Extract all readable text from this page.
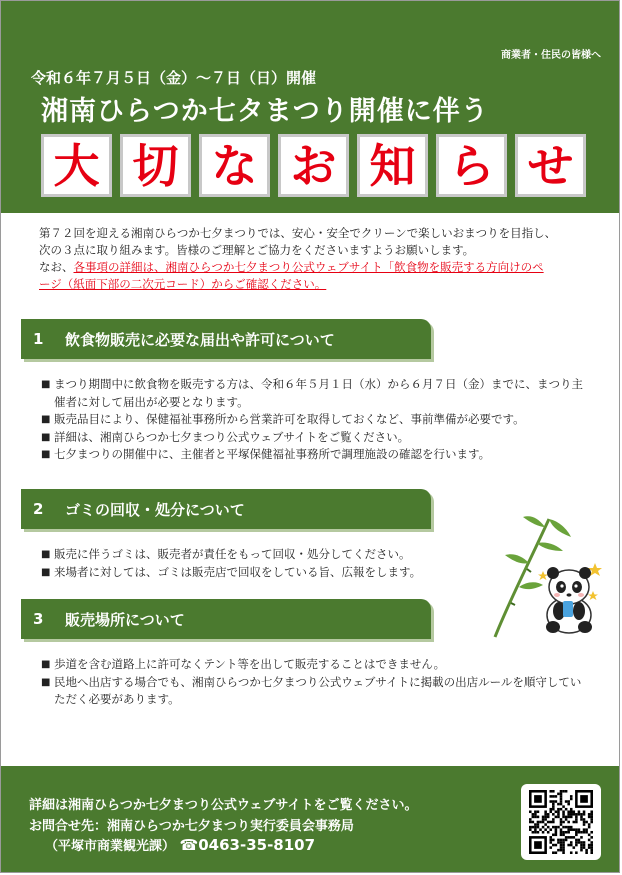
商業者・住民の皆様へ
令和６年７月５日（金）～７日（日）開催
湘南ひらつか七タまつり開催に伴う
大 切 な お 知 ら せ
第７２回を迎える湘南ひらつか七夕まつりでは、安心・安全でクリーンで楽しいおまつりを目指し、
次の３点に取り組みます。皆様のご理解とご協力をくださいますようお願いします。
なお、各事項の詳細は、湘南ひらつか七夕まつり公式ウェブサイト「飲食物を販売する方向けのペ
ージ（紙面下部の二次元コード）からご確認ください。
1	飲食物販売に必要な届出や許可について
■ まつり期間中に飲食物を販売する方は、令和６年５月１日（水）から６月７日（金）までに、まつり主催者に対して届出が必要となります。
■ 販売品目により、保健福祉事務所から営業許可を取得しておくなど、事前準備が必要です。
■ 詳細は、湘南ひらつか七夕まつり公式ウェブサイトをご覧ください。
■ 七夕まつりの開催中に、主催者と平塚保健福祉事務所で調理施設の確認を行います。
2	ゴミの回収・処分について
■ 販売に伴うゴミは、販売者が責任をもって回収・処分してください。
■ 来場者に対しては、ゴミは販売店で回収をしている旨、広報をします。
3	販売場所について
■ 歩道を含む道路上に許可なくテント等を出して販売することはできません。
■ 民地へ出店する場合でも、湘南ひらつか七夕まつり公式ウェブサイトに掲載の出店ルールを順守していただく必要があります。
詳細は湘南ひらつか七夕まつり公式ウェブサイトをご覧ください。
お問合せ先：湘南ひらつか七夕まつり実行委員会事務局
（平塚市商業観光課） ☎0463-35-8107
